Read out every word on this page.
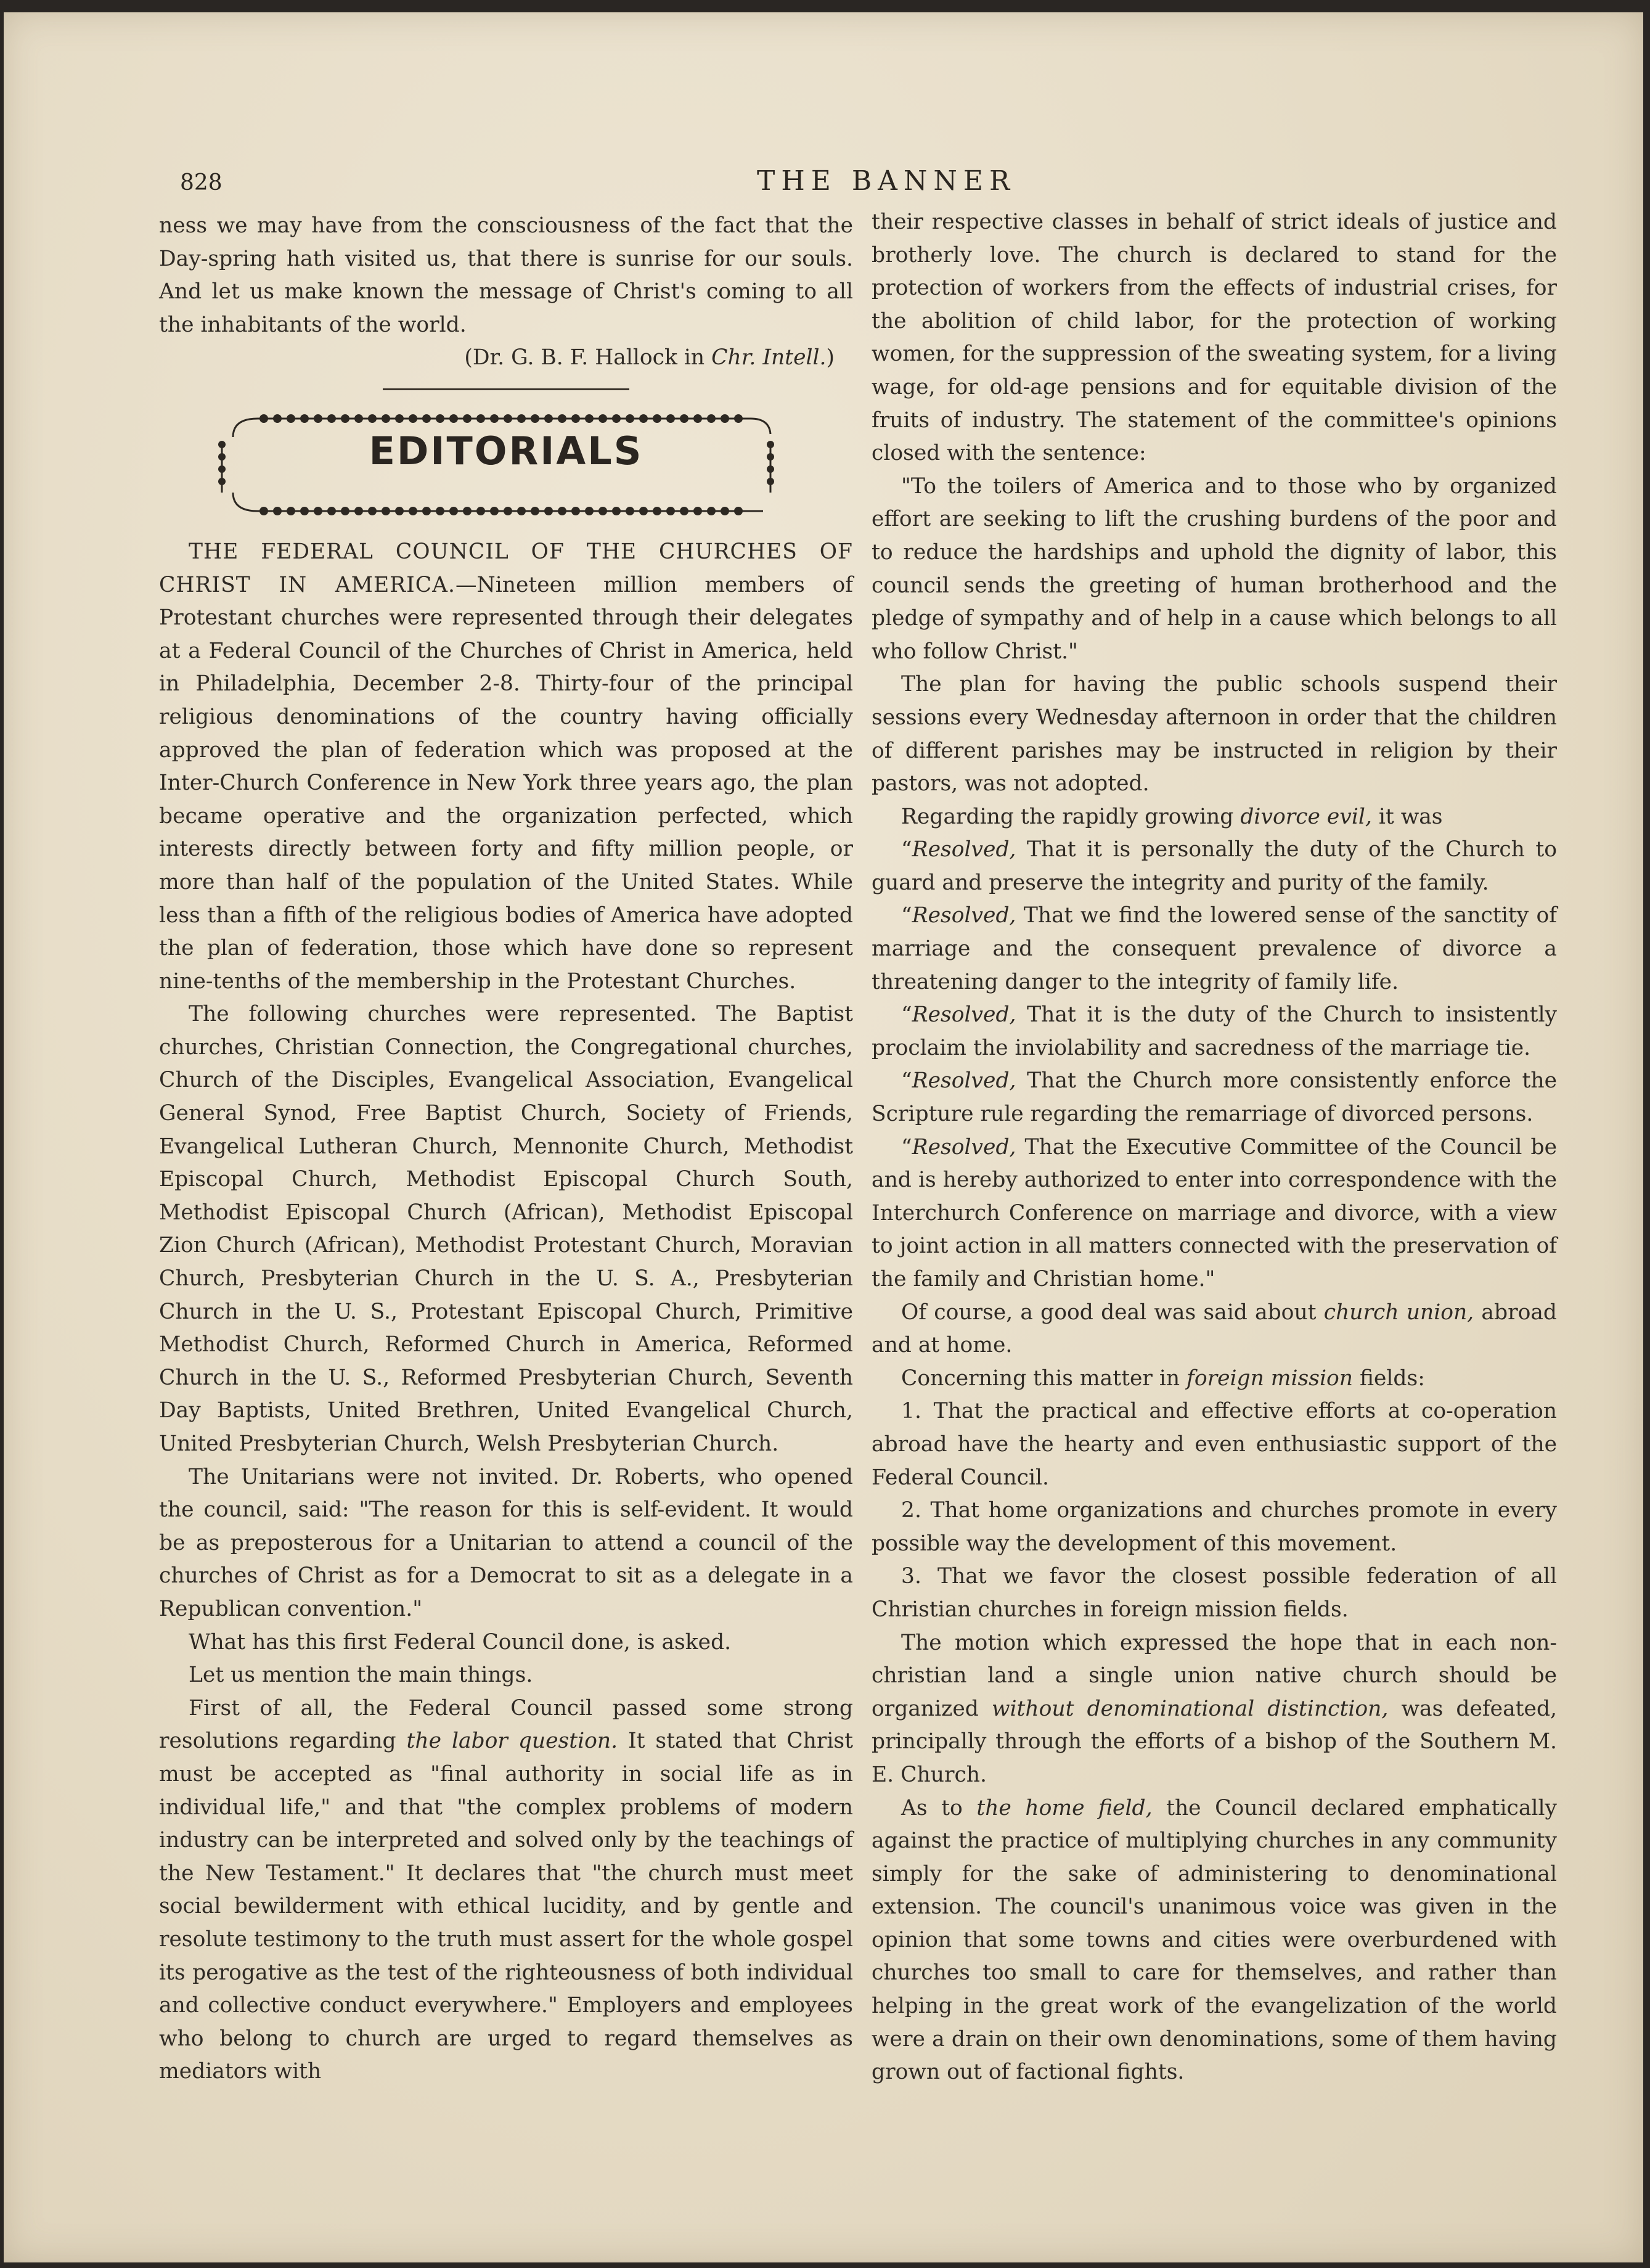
828	THE BANNER

ness we may have from the consciousness of the fact that the Day-spring hath visited us, that there is sunrise for our souls. And let us make known the message of Christ's coming to all the inhabitants of the world.

(Dr. G. B. F. Hallock in Chr. Intell.)

EDITORIALS

THE FEDERAL COUNCIL OF THE CHURCHES OF CHRIST IN AMERICA.—Nineteen million members of Protestant churches were represented through their delegates at a Federal Council of the Churches of Christ in America, held in Philadelphia, December 2-8. Thirty-four of the principal religious denominations of the country having officially approved the plan of federation which was proposed at the Inter-Church Conference in New York three years ago, the plan became operative and the organization perfected, which interests directly between forty and fifty million people, or more than half of the population of the United States. While less than a fifth of the religious bodies of America have adopted the plan of federation, those which have done so represent nine-tenths of the membership in the Protestant Churches.

The following churches were represented. The Baptist churches, Christian Connection, the Congregational churches, Church of the Disciples, Evangelical Association, Evangelical General Synod, Free Baptist Church, Society of Friends, Evangelical Lutheran Church, Mennonite Church, Methodist Episcopal Church, Methodist Episcopal Church South, Methodist Episcopal Church (African), Methodist Episcopal Zion Church (African), Methodist Protestant Church, Moravian Church, Presbyterian Church in the U. S. A., Presbyterian Church in the U. S., Protestant Episcopal Church, Primitive Methodist Church, Reformed Church in America, Reformed Church in the U. S., Reformed Presbyterian Church, Seventh Day Baptists, United Brethren, United Evangelical Church, United Presbyterian Church, Welsh Presbyterian Church.

The Unitarians were not invited. Dr. Roberts, who opened the council, said: "The reason for this is self-evident. It would be as preposterous for a Unitarian to attend a council of the churches of Christ as for a Democrat to sit as a delegate in a Republican convention."

What has this first Federal Council done, is asked.

Let us mention the main things.

First of all, the Federal Council passed some strong resolutions regarding the labor question. It stated that Christ must be accepted as "final authority in social life as in individual life," and that "the complex problems of modern industry can be interpreted and solved only by the teachings of the New Testament." It declares that "the church must meet social bewilderment with ethical lucidity, and by gentle and resolute testimony to the truth must assert for the whole gospel its perogative as the test of the righteousness of both individual and collective conduct everywhere." Employers and employees who belong to church are urged to regard themselves as mediators with

their respective classes in behalf of strict ideals of justice and brotherly love. The church is declared to stand for the protection of workers from the effects of industrial crises, for the abolition of child labor, for the protection of working women, for the suppression of the sweating system, for a living wage, for old-age pensions and for equitable division of the fruits of industry. The statement of the committee's opinions closed with the sentence:

"To the toilers of America and to those who by organized effort are seeking to lift the crushing burdens of the poor and to reduce the hardships and uphold the dignity of labor, this council sends the greeting of human brotherhood and the pledge of sympathy and of help in a cause which belongs to all who follow Christ."

The plan for having the public schools suspend their sessions every Wednesday afternoon in order that the children of different parishes may be instructed in religion by their pastors, was not adopted.

Regarding the rapidly growing divorce evil, it was

“Resolved, That it is personally the duty of the Church to guard and preserve the integrity and purity of the family.

“Resolved, That we find the lowered sense of the sanctity of marriage and the consequent prevalence of divorce a threatening danger to the integrity of family life.

“Resolved, That it is the duty of the Church to insistently proclaim the inviolability and sacredness of the marriage tie.

“Resolved, That the Church more consistently enforce the Scripture rule regarding the remarriage of divorced persons.

“Resolved, That the Executive Committee of the Council be and is hereby authorized to enter into correspondence with the Interchurch Conference on marriage and divorce, with a view to joint action in all matters connected with the preservation of the family and Christian home."

Of course, a good deal was said about church union, abroad and at home.

Concerning this matter in foreign mission fields:

1. That the practical and effective efforts at co-operation abroad have the hearty and even enthusiastic support of the Federal Council.

2. That home organizations and churches promote in every possible way the development of this movement.

3. That we favor the closest possible federation of all Christian churches in foreign mission fields.

The motion which expressed the hope that in each non-christian land a single union native church should be organized without denominational distinction, was defeated, principally through the efforts of a bishop of the Southern M. E. Church.

As to the home field, the Council declared emphatically against the practice of multiplying churches in any community simply for the sake of administering to denominational extension. The council's unanimous voice was given in the opinion that some towns and cities were overburdened with churches too small to care for themselves, and rather than helping in the great work of the evangelization of the world were a drain on their own denominations, some of them having grown out of factional fights.
